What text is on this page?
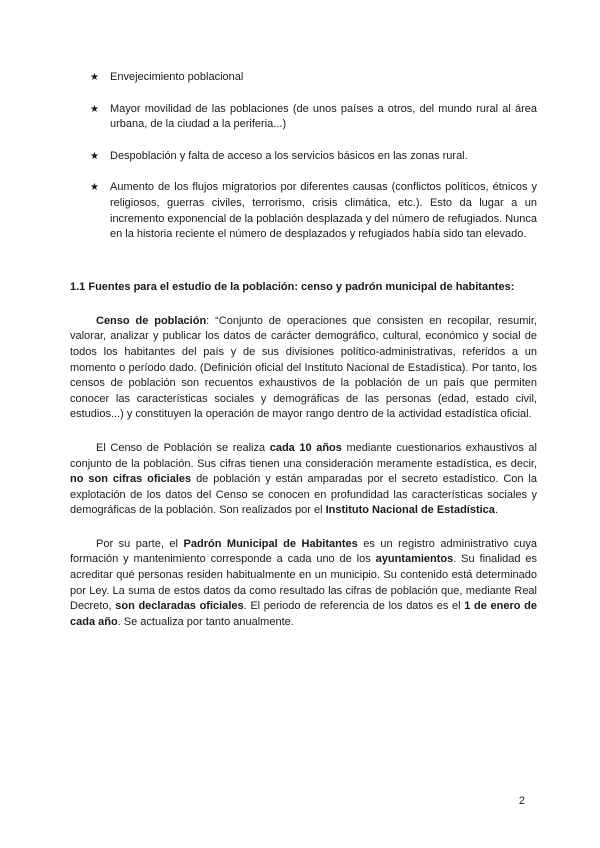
★ Envejecimiento poblacional
★ Mayor movilidad de las poblaciones (de unos países a otros, del mundo rural al área urbana, de la ciudad a la periferia...)
★ Despoblación y falta de acceso a los servicios básicos en las zonas rural.
★ Aumento de los flujos migratorios por diferentes causas (conflictos políticos, étnicos y religiosos, guerras civiles, terrorismo, crisis climática, etc.). Esto da lugar a un incremento exponencial de la población desplazada y del número de refugiados. Nunca en la historia reciente el número de desplazados y refugiados había sido tan elevado.
1.1 Fuentes para el estudio de la población: censo y padrón municipal de habitantes:

Censo de población: “Conjunto de operaciones que consisten en recopilar, resumir, valorar, analizar y publicar los datos de carácter demográfico, cultural, económico y social de todos los habitantes del país y de sus divisiones político-administrativas, referidos a un momento o período dado. (Definición oficial del Instituto Nacional de Estadística). Por tanto, los censos de población son recuentos exhaustivos de la población de un país que permiten conocer las características sociales y demográficas de las personas (edad, estado civil, estudios...) y constituyen la operación de mayor rango dentro de la actividad estadística oficial.

El Censo de Población se realiza cada 10 años mediante cuestionarios exhaustivos al conjunto de la población. Sus cifras tienen una consideración meramente estadística, es decir, no son cifras oficiales de población y están amparadas por el secreto estadístico. Con la explotación de los datos del Censo se conocen en profundidad las características sociales y demográficas de la población. Son realizados por el Instituto Nacional de Estadística.

Por su parte, el Padrón Municipal de Habitantes es un registro administrativo cuya formación y mantenimiento corresponde a cada uno de los ayuntamientos. Su finalidad es acreditar qué personas residen habitualmente en un municipio. Su contenido está determinado por Ley. La suma de estos datos da como resultado las cifras de población que, mediante Real Decreto, son declaradas oficiales. El periodo de referencia de los datos es el 1 de enero de cada año. Se actualiza por tanto anualmente.

2
